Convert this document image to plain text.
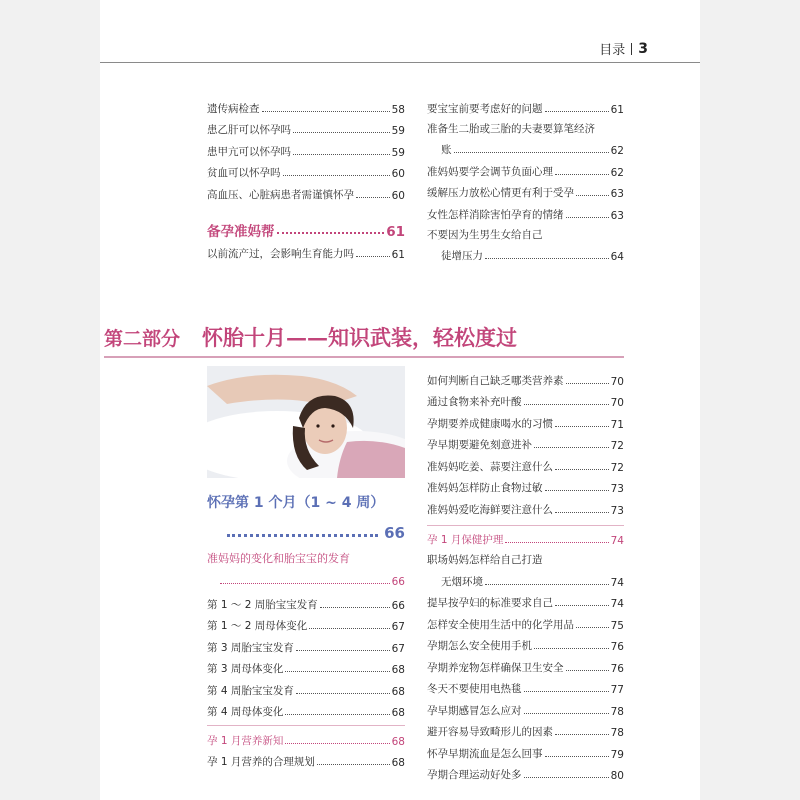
目录 3
遗传病检查	58
患乙肝可以怀孕吗	59
患甲亢可以怀孕吗	59
贫血可以怀孕吗	60
高血压、心脏病患者需谨慎怀孕	60
备孕准妈帮	61
以前流产过，会影响生育能力吗	61
要宝宝前要考虑好的问题	61
准备生二胎或三胎的夫妻要算笔经济
账	62
准妈妈要学会调节负面心理	62
缓解压力放松心情更有利于受孕	63
女性怎样消除害怕孕育的情绪	63
不要因为生男生女给自己
徒增压力	64
第二部分 怀胎十月——知识武装，轻松度过
怀孕第 1 个月（1 ~ 4 周）
66
准妈妈的变化和胎宝宝的发育
66
第 1 ～ 2 周胎宝宝发育	66
第 1 ～ 2 周母体变化	67
第 3 周胎宝宝发育	67
第 3 周母体变化	68
第 4 周胎宝宝发育	68
第 4 周母体变化	68
孕 1 月营养新知	68
孕 1 月营养的合理规划	68
如何判断自己缺乏哪类营养素	70
通过食物来补充叶酸	70
孕期要养成健康喝水的习惯	71
孕早期要避免刻意进补	72
准妈妈吃姜、蒜要注意什么	72
准妈妈怎样防止食物过敏	73
准妈妈爱吃海鲜要注意什么	73
孕 1 月保健护理	74
职场妈妈怎样给自己打造
无烟环境	74
提早按孕妇的标准要求自己	74
怎样安全使用生活中的化学用品	75
孕期怎么安全使用手机	76
孕期养宠物怎样确保卫生安全	76
冬天不要使用电热毯	77
孕早期感冒怎么应对	78
避开容易导致畸形儿的因素	78
怀孕早期流血是怎么回事	79
孕期合理运动好处多	80
